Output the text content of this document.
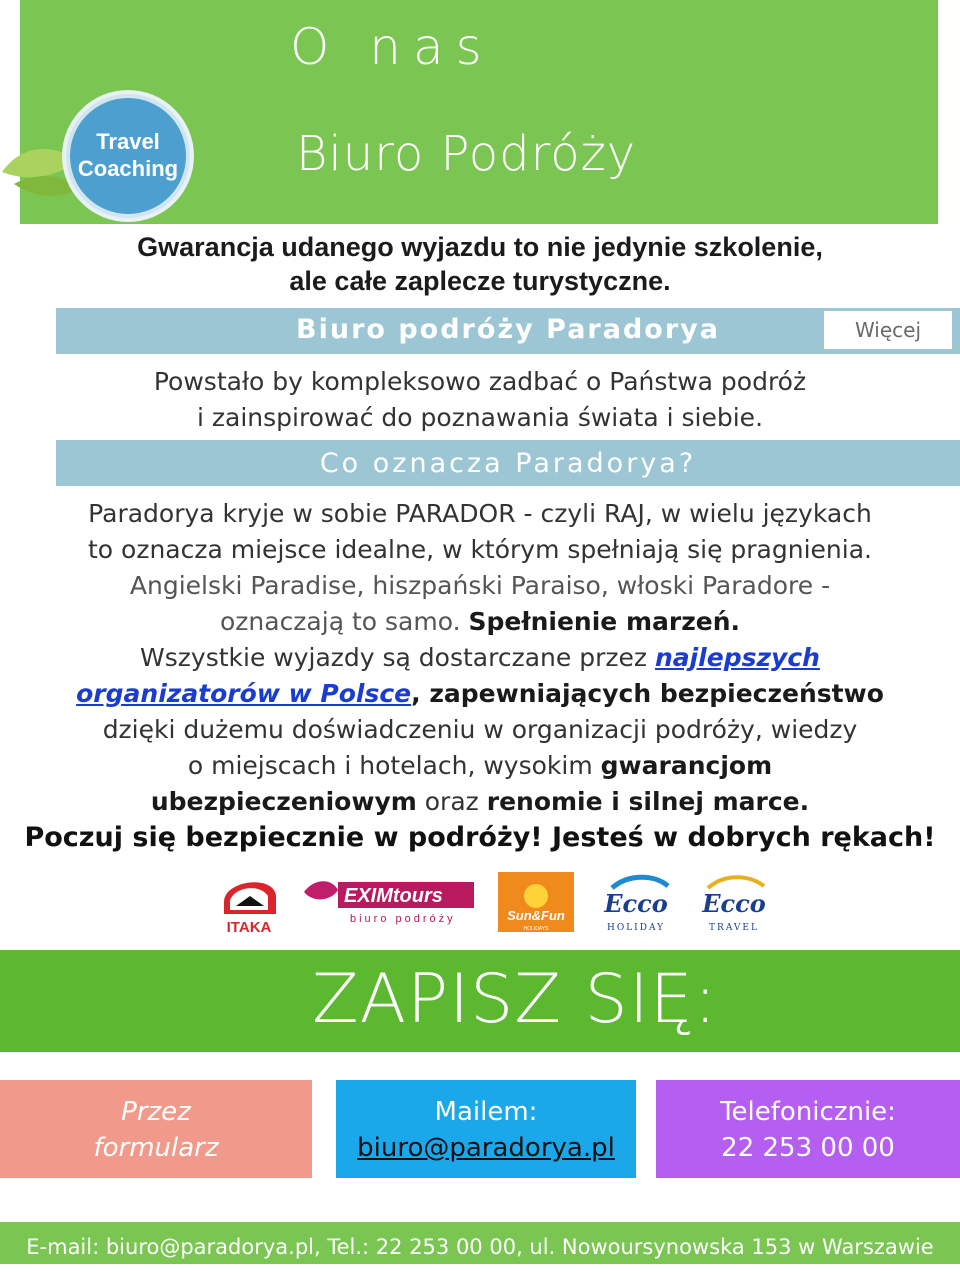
O nas
Biuro Podróży
Travel
Coaching
Gwarancja udanego wyjazdu to nie jedynie szkolenie,
ale całe zaplecze turystyczne.
Biuro podróży Paradorya	Więcej
Powstało by kompleksowo zadbać o Państwa podróż
i zainspirować do poznawania świata i siebie.
Co oznacza Paradorya?
Paradorya kryje w sobie PARADOR - czyli RAJ, w wielu językach
to oznacza miejsce idealne, w którym spełniają się pragnienia.
Angielski Paradise, hiszpański Paraiso, włoski Paradore -
oznaczają to samo. Spełnienie marzeń.
Wszystkie wyjazdy są dostarczane przez najlepszych
organizatorów w Polsce, zapewniających bezpieczeństwo
dzięki dużemu doświadczeniu w organizacji podróży, wiedzy
o miejscach i hotelach, wysokim gwarancjom
ubezpieczeniowym oraz renomie i silnej marce.
Poczuj się bezpiecznie w podróży! Jesteś w dobrych rękach!
ITAKA
EXIMtours
biuro podróży	Sun&Fun
HOLIDAYS
Ecco
HOLIDAY
Ecco
TRAVEL
ZAPISZ SIĘ:
Przez
formularz
Mailem:
biuro@paradorya.pl
Telefonicznie:
22 253 00 00
E-mail: biuro@paradorya.pl, Tel.: 22 253 00 00, ul. Nowoursynowska 153 w Warszawie
